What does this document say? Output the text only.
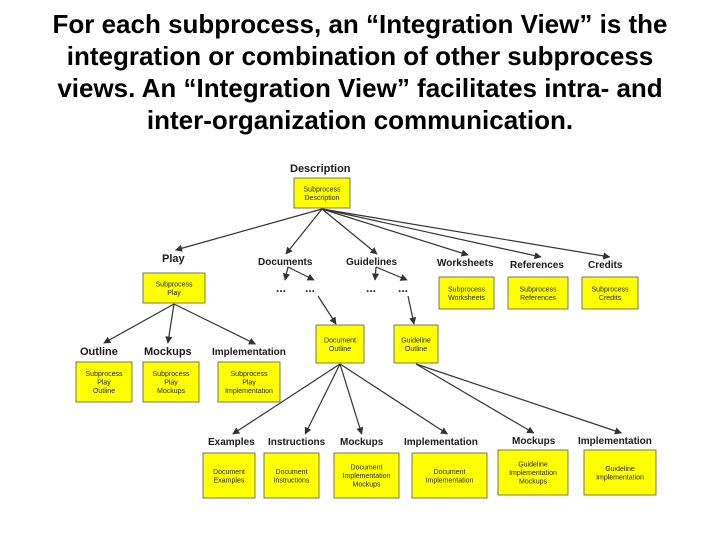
For each subprocess, an “Integration View” is the
integration or combination of other subprocess
views. An “Integration View” facilitates intra- and
inter-organization communication.
... ...	... ...
Description
Subprocess
Description
Play
Subprocess
Play
Documents
Document
Outline
Guidelines
Guideline
Outline
Worksheets
Subprocess
Worksheets
References
Subprocess
References
Credits
Subprocess
Credits
Outline
Subprocess
Play
Outline
Mockups
Subprocess
Play
Mockups
Implementation
Subprocess
Play
Implementation
Examples
Document
Examples
Instructions
Document
Instructions
Mockups
Document
Implementation
Mockups
Implementation
Document
Implementation
Mockups
Guideline
Implementation
Mockups
Implementation
Guideline
Implementation
